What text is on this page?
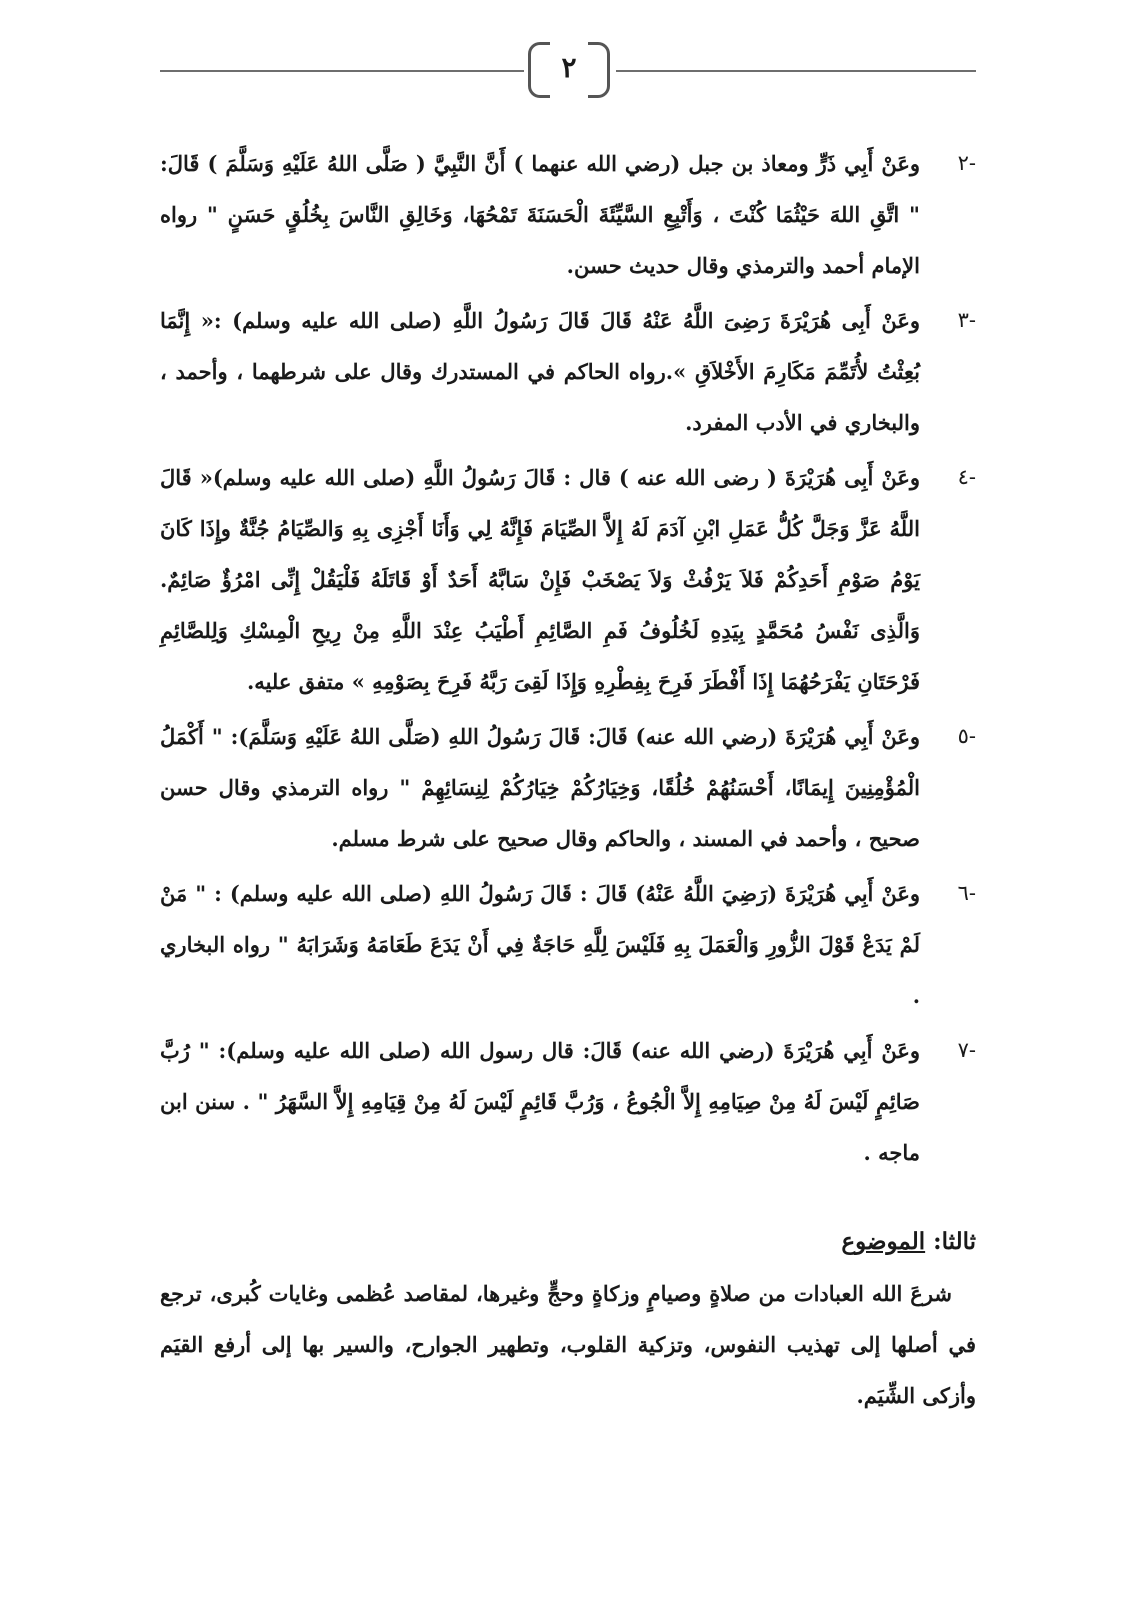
٢
-٢
وعَنْ أَبِي ذَرٍّ ومعاذ بن جبل (رضي الله عنهما ) أَنَّ النَّبِيَّ ( صَلَّى اللهُ عَلَيْهِ وَسَلَّمَ ) قَالَ: " اتَّقِ اللهَ حَيْثُمَا كُنْتَ ، وَأَتْبِعِ السَّيِّئَةَ الْحَسَنَةَ تَمْحُهَا، وَخَالِقِ النَّاسَ بِخُلُقٍ حَسَنٍ " رواه الإمام أحمد والترمذي وقال حديث حسن.
-٣
وعَنْ أَبِى هُرَيْرَةَ رَضِىَ اللَّهُ عَنْهُ قَالَ قَالَ رَسُولُ اللَّهِ (صلى الله عليه وسلم) :« إِنَّمَا بُعِثْتُ لأُتَمِّمَ مَكَارِمَ الأَخْلاَقِ ».رواه الحاكم في المستدرك وقال على شرطهما ، وأحمد ، والبخاري في الأدب المفرد.
-٤
وعَنْ أَبِى هُرَيْرَةَ ( رضى الله عنه ) قال : قَالَ رَسُولُ اللَّهِ (صلى الله عليه وسلم)« قَالَ اللَّهُ عَزَّ وَجَلَّ كُلُّ عَمَلِ ابْنِ آدَمَ لَهُ إِلاَّ الصِّيَامَ فَإِنَّهُ لِي وَأَنَا أَجْزِى بِهِ وَالصِّيَامُ جُنَّةٌ وإِذَا كَانَ يَوْمُ صَوْمِ أَحَدِكُمْ فَلاَ يَرْفُثْ وَلاَ يَصْخَبْ فَإِنْ سَابَّهُ أَحَدٌ أَوْ قَاتَلَهُ فَلْيَقُلْ إِنِّى امْرُؤٌ صَائِمٌ. وَالَّذِى نَفْسُ مُحَمَّدٍ بِيَدِهِ لَخُلُوفُ فَمِ الصَّائِمِ أَطْيَبُ عِنْدَ اللَّهِ مِنْ رِيحِ الْمِسْكِ وَلِلصَّائِمِ فَرْحَتَانِ يَفْرَحُهُمَا إِذَا أَفْطَرَ فَرِحَ بِفِطْرِهِ وَإِذَا لَقِىَ رَبَّهُ فَرِحَ بِصَوْمِهِ » متفق عليه.
-٥
وعَنْ أَبِي هُرَيْرَةَ (رضي الله عنه) قَالَ: قَالَ رَسُولُ اللهِ (صَلَّى اللهُ عَلَيْهِ وَسَلَّمَ): " أَكْمَلُ الْمُؤْمِنِينَ إِيمَانًا، أَحْسَنُهُمْ خُلُقًا، وَخِيَارُكُمْ خِيَارُكُمْ لِنِسَائِهِمْ " رواه الترمذي وقال حسن صحيح ، وأحمد في المسند ، والحاكم وقال صحيح على شرط مسلم.
-٦
وعَنْ أَبِي هُرَيْرَةَ (رَضِيَ اللَّهُ عَنْهُ) قَالَ : قَالَ رَسُولُ اللهِ (صلى الله عليه وسلم) : " مَنْ لَمْ يَدَعْ قَوْلَ الزُّورِ وَالْعَمَلَ بِهِ فَلَيْسَ لِلَّهِ حَاجَةٌ فِي أَنْ يَدَعَ طَعَامَهُ وَشَرَابَهُ " رواه البخاري .
-٧
وعَنْ أَبِي هُرَيْرَةَ (رضي الله عنه) قَالَ: قال رسول الله (صلى الله عليه وسلم): " رُبَّ صَائِمٍ لَيْسَ لَهُ مِنْ صِيَامِهِ إِلاَّ الْجُوعُ ، وَرُبَّ قَائِمٍ لَيْسَ لَهُ مِنْ قِيَامِهِ إِلاَّ السَّهَرُ " . سنن ابن ماجه .
ثالثا: الموضوع
شرعَ الله العبادات من صلاةٍ وصيامٍ وزكاةٍ وحجٍّ وغيرها، لمقاصد عُظمى وغايات كُبرى، ترجع في أصلها إلى تهذيب النفوس، وتزكية القلوب، وتطهير الجوارح، والسير بها إلى أرفع القيَم وأزكى الشِّيَم.
